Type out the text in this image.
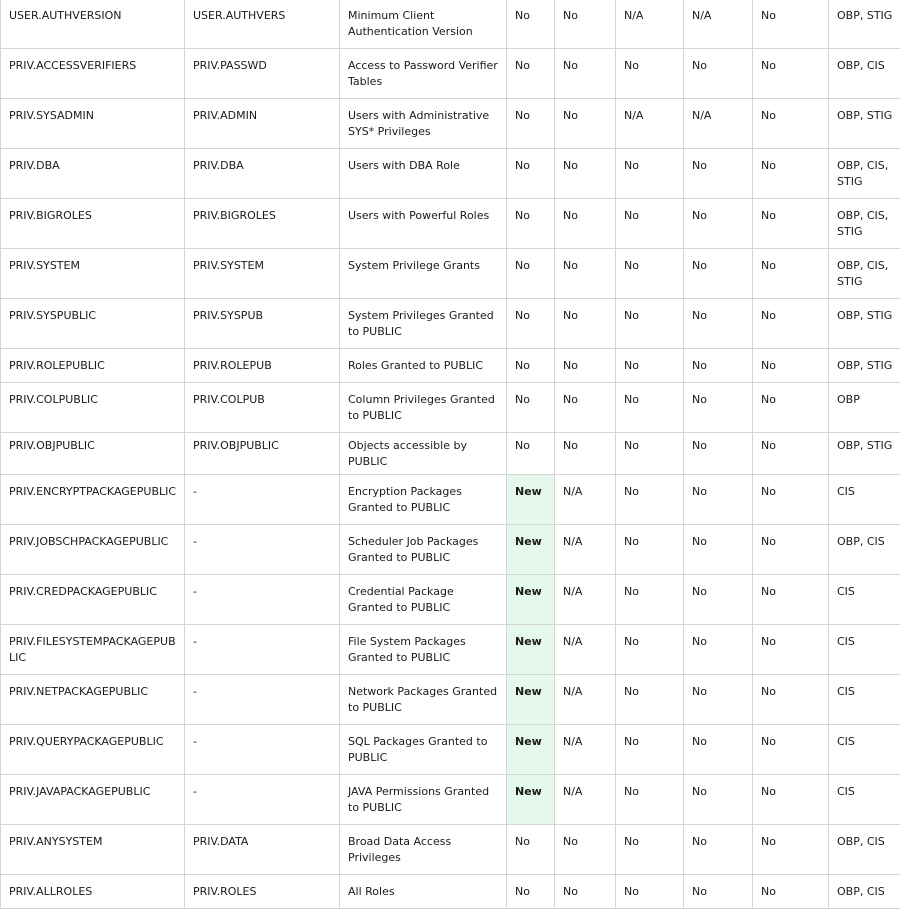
USER.AUTHVERSION	USER.AUTHVERS	Minimum Client Authentication Version	No	No	N/A	N/A	No	OBP, STIG
PRIV.ACCESSVERIFIERS	PRIV.PASSWD	Access to Password Verifier Tables	No	No	No	No	No	OBP, CIS
PRIV.SYSADMIN	PRIV.ADMIN	Users with Administrative SYS* Privileges	No	No	N/A	N/A	No	OBP, STIG
PRIV.DBA	PRIV.DBA	Users with DBA Role	No	No	No	No	No	OBP, CIS, STIG
PRIV.BIGROLES	PRIV.BIGROLES	Users with Powerful Roles	No	No	No	No	No	OBP, CIS, STIG
PRIV.SYSTEM	PRIV.SYSTEM	System Privilege Grants	No	No	No	No	No	OBP, CIS, STIG
PRIV.SYSPUBLIC	PRIV.SYSPUB	System Privileges Granted to PUBLIC	No	No	No	No	No	OBP, STIG
PRIV.ROLEPUBLIC	PRIV.ROLEPUB	Roles Granted to PUBLIC	No	No	No	No	No	OBP, STIG
PRIV.COLPUBLIC	PRIV.COLPUB	Column Privileges Granted to PUBLIC	No	No	No	No	No	OBP
PRIV.OBJPUBLIC	PRIV.OBJPUBLIC	Objects accessible by PUBLIC	No	No	No	No	No	OBP, STIG
PRIV.ENCRYPTPACKAGEPUBLIC	-	Encryption Packages Granted to PUBLIC	New	N/A	No	No	No	CIS
PRIV.JOBSCHPACKAGEPUBLIC	-	Scheduler Job Packages Granted to PUBLIC	New	N/A	No	No	No	OBP, CIS
PRIV.CREDPACKAGEPUBLIC	-	Credential Package Granted to PUBLIC	New	N/A	No	No	No	CIS
PRIV.FILESYSTEMPACKAGEPUBLIC	-	File System Packages Granted to PUBLIC	New	N/A	No	No	No	CIS
PRIV.NETPACKAGEPUBLIC	-	Network Packages Granted to PUBLIC	New	N/A	No	No	No	CIS
PRIV.QUERYPACKAGEPUBLIC	-	SQL Packages Granted to PUBLIC	New	N/A	No	No	No	CIS
PRIV.JAVAPACKAGEPUBLIC	-	JAVA Permissions Granted to PUBLIC	New	N/A	No	No	No	CIS
PRIV.ANYSYSTEM	PRIV.DATA	Broad Data Access Privileges	No	No	No	No	No	OBP, CIS
PRIV.ALLROLES	PRIV.ROLES	All Roles	No	No	No	No	No	OBP, CIS
